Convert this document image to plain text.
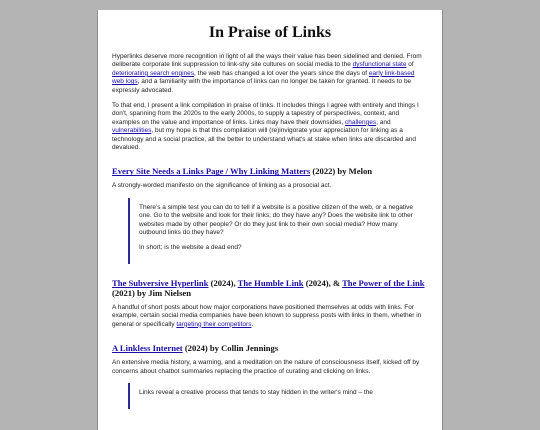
In Praise of Links

Hyperlinks deserve more recognition in light of all the ways their value has been sidelined and denied. From deliberate corporate link suppression to link-shy site cultures on social media to the dysfunctional state of deteriorating search engines, the web has changed a lot over the years since the days of early link-based web logs, and a familiarity with the importance of links can no longer be taken for granted. It needs to be expressly advocated.

To that end, I present a link compilation in praise of links. It includes things I agree with entirely and things I don't, spanning from the 2020s to the early 2000s, to supply a tapestry of perspectives, context, and examples on the value and importance of links. Links may have their downsides, challenges, and vulnerabilities, but my hope is that this compilation will (re)invigorate your appreciation for linking as a technology and a social practice, all the better to understand what's at stake when links are discarded and devalued.

Every Site Needs a Links Page / Why Linking Matters (2022) by Melon

A strongly-worded manifesto on the significance of linking as a prosocial act.

There's a simple test you can do to tell if a website is a positive citizen of the web, or a negative one. Go to the website and look for their links; do they have any? Does the website link to other websites made by other people? Or do they just link to their own social media? How many outbound links do they have?

In short; is the website a dead end?

The Subversive Hyperlink (2024), The Humble Link (2024), & The Power of the Link (2021) by Jim Nielsen

A handful of short posts about how major corporations have positioned themselves at odds with links. For example, certain social media companies have been known to suppress posts with links in them, whether in general or specifically targeting their competitors.

A Linkless Internet (2024) by Collin Jennings

An extensive media history, a warning, and a meditation on the nature of consciousness itself, kicked off by concerns about chatbot summaries replacing the practice of curating and clicking on links.

Links reveal a creative process that tends to stay hidden in the writer's mind – the
